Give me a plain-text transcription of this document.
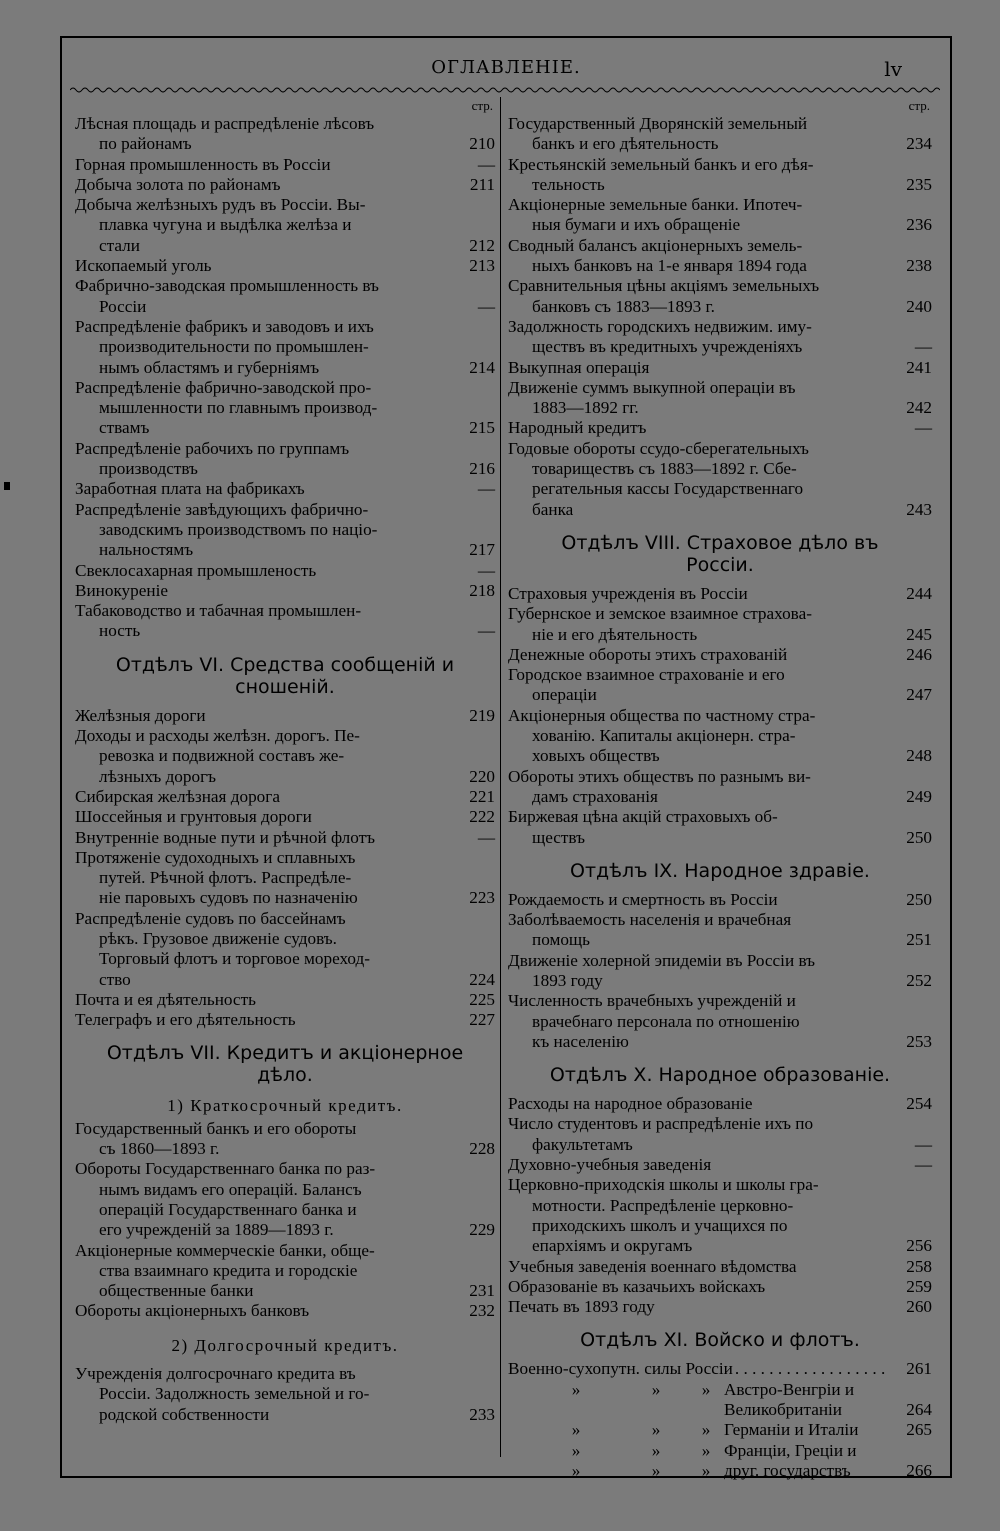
ОГЛАВЛЕНІЕ.	lv
стр.
Лѣсная площадь и распредѣленіе лѣсовъ
по районамъ
. . .	210
Горная промышленность въ Россіи
. . .	—
Добыча золота по районамъ
. . .	211
Добыча желѣзныхъ рудъ въ Россіи. Вы-
плавка чугуна и выдѣлка желѣза и
стали
. . .	212
Ископаемый уголь
. . .	213
Фабрично-заводская промышленность въ
Россіи
. . .	—
Распредѣленіе фабрикъ и заводовъ и ихъ
производительности по промышлен-
нымъ областямъ и губерніямъ
. . .	214
Распредѣленіе фабрично-заводской про-
мышленности по главнымъ производ-
ствамъ
. . .	215
Распредѣленіе рабочихъ по группамъ
производствъ
. . .	216
Заработная плата на фабрикахъ
. . .	—
Распредѣленіе завѣдующихъ фабрично-
заводскимъ производствомъ по націо-
нальностямъ
. . .	217
Свеклосахарная промышленость
. . .	—
Винокуреніе
. . .	218
Табаководство и табачная промышлен-
ность
. . .	—
Отдѣлъ VI. Средства сообщеній и
сношеній.
Желѣзныя дороги
. . .	219
Доходы и расходы желѣзн. дорогъ. Пе-
ревозка и подвижной составъ же-
лѣзныхъ дорогъ
. . .	220
Сибирская желѣзная дорога
. . .	221
Шоссейныя и грунтовыя дороги
. . .	222
Внутренніе водные пути и рѣчной флотъ
. . .	—
Протяженіе судоходныхъ и сплавныхъ
путей. Рѣчной флотъ. Распредѣле-
ніе паровыхъ судовъ по назначенію
. . .	223
Распредѣленіе судовъ по бассейнамъ
рѣкъ. Грузовое движеніе судовъ.
Торговый флотъ и торговое мореход-
ство
. . .	224
Почта и ея дѣятельность
. . .	225
Телеграфъ и его дѣятельность
. . .	227
Отдѣлъ VII. Кредитъ и акціонерное
дѣло.
1) Краткосрочный кредитъ.
Государственный банкъ и его обороты
съ 1860—1893 г.
. . .	228
Обороты Государственнаго банка по раз-
нымъ видамъ его операцій. Балансъ
операцій Государственнаго банка и
его учрежденій за 1889—1893 г.
. . .	229
Акціонерные коммерческіе банки, обще-
ства взаимнаго кредита и городскіе
общественные банки
. . .	231
Обороты акціонерныхъ банковъ
. . .	232
2) Долгосрочный кредитъ.
Учрежденія долгосрочнаго кредита въ
Россіи. Задолжность земельной и го-
родской собственности
. . .	233
стр.
Государственный Дворянскій земельный
банкъ и его дѣятельность
. . .	234
Крестьянскій земельный банкъ и его дѣя-
тельность
. . .	235
Акціонерные земельные банки. Ипотеч-
ныя бумаги и ихъ обращеніе
. . .	236
Сводный балансъ акціонерныхъ земель-
ныхъ банковъ на 1-е января 1894 года
. . .	238
Сравнительныя цѣны акціямъ земельныхъ
банковъ съ 1883—1893 г.
. . .	240
Задолжность городскихъ недвижим. иму-
ществъ въ кредитныхъ учрежденіяхъ
. . .	—
Выкупная операція
. . .	241
Движеніе суммъ выкупной операціи въ
1883—1892 гг.
. . .	242
Народный кредитъ
. . .	—
Годовые обороты ссудо-сберегательныхъ
товариществъ съ 1883—1892 г. Сбе-
регательныя кассы Государственнаго
банка
. . .	243
Отдѣлъ VIII. Страховое дѣло въ
Россіи.
Страховыя учрежденія въ Россіи
. . .	244
Губернское и земское взаимное страхова-
ніе и его дѣятельность
. . .	245
Денежные обороты этихъ страхованій
. . .	246
Городское взаимное страхованіе и его
операціи
. . .	247
Акціонерныя общества по частному стра-
хованію. Капиталы акціонерн. стра-
ховыхъ обществъ
. . .	248
Обороты этихъ обществъ по разнымъ ви-
дамъ страхованія
. . .	249
Биржевая цѣна акцій страховыхъ об-
ществъ
. . .	250
Отдѣлъ IX. Народное здравіе.
Рождаемость и смертность въ Россіи
. . .	250
Заболѣваемость населенія и врачебная
помощь
. . .	251
Движеніе холерной эпидеміи въ Россіи въ
1893 году
. . .	252
Численность врачебныхъ учрежденій и
врачебнаго персонала по отношенію
къ населенію
. . .	253
Отдѣлъ X. Народное образованіе.
Расходы на народное образованіе
. . .	254
Число студентовъ и распредѣленіе ихъ по
факультетамъ
. . .	—
Духовно-учебныя заведенія
. . .	—
Церковно-приходскія школы и школы гра-
мотности. Распредѣленіе церковно-
приходскихъ школъ и учащихся по
епархіямъ и округамъ
. . .	256
Учебныя заведенія военнаго вѣдомства
. . .	258
Образованіе въ казачьихъ войскахъ
. . .	259
Печать въ 1893 году
. . .	260
Отдѣлъ XI. Войско и флотъ.
Военно-сухопутн. силы Россіи . . .	261
»	»	» Австро-Венгріи и
Великобританіи	264
»	»	» Германіи и Италіи	265
»	»	» Франціи, Греціи и
»	»	» друг. государствъ	266
